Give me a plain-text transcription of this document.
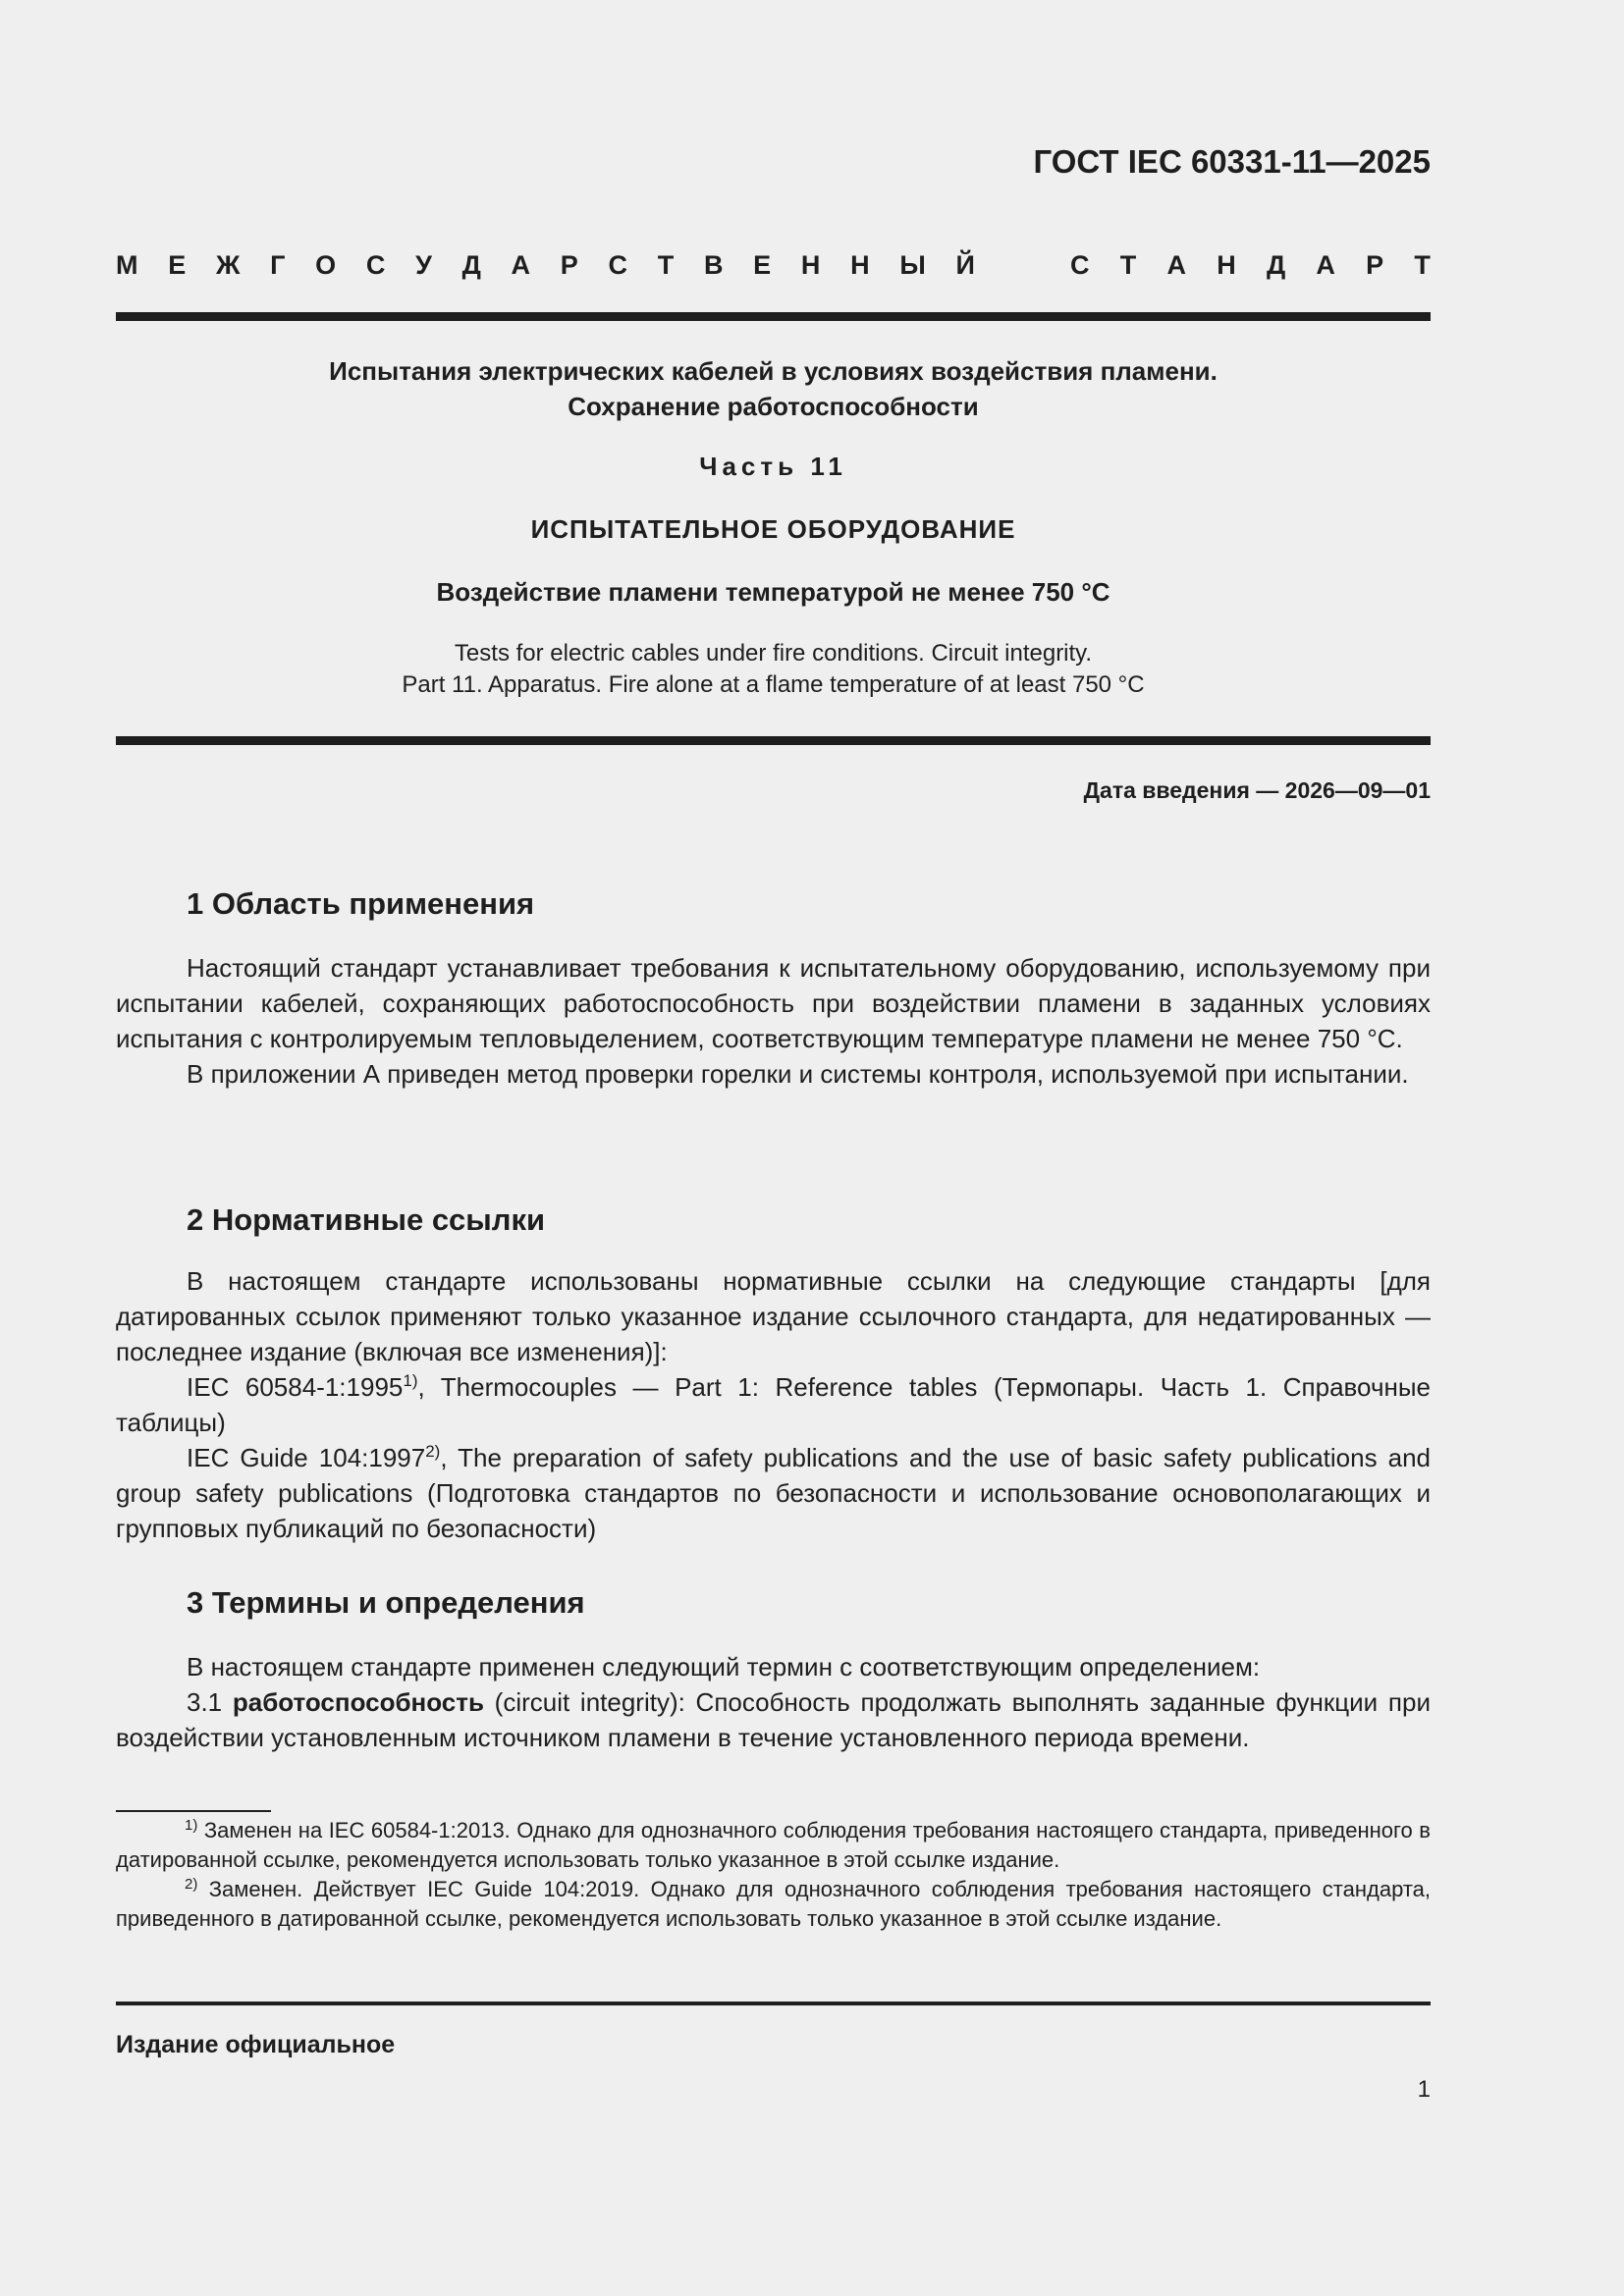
ГОСТ IEC 60331-11—2025
М Е Ж Г О С У Д А Р С Т В Е Н Н Ы Й	С Т А Н Д А Р Т
Испытания электрических кабелей в условиях воздействия пламени.
Сохранение работоспособности
Часть 11
ИСПЫТАТЕЛЬНОЕ ОБОРУДОВАНИЕ
Воздействие пламени температурой не менее 750 °С
Tests for electric cables under fire conditions. Circuit integrity.
Part 11. Apparatus. Fire alone at a flame temperature of at least 750 °C
Дата введения — 2026—09—01
1 Область применения

Настоящий стандарт устанавливает требования к испытательному оборудованию, используемому при испытании кабелей, сохраняющих работоспособность при воздействии пламени в заданных условиях испытания с контролируемым тепловыделением, соответствующим температуре пламени не менее 750 °С.

В приложении А приведен метод проверки горелки и системы контроля, используемой при испытании.

2 Нормативные ссылки

В настоящем стандарте использованы нормативные ссылки на следующие стандарты [для датированных ссылок применяют только указанное издание ссылочного стандарта, для недатированных — последнее издание (включая все изменения)]:

IEC 60584-1:1995$^{1)}$, Thermocouples — Part 1: Reference tables (Термопары. Часть 1. Справочные таблицы)

IEC Guide 104:1997$^{2)}$, The preparation of safety publications and the use of basic safety publications and group safety publications (Подготовка стандартов по безопасности и использование основополагающих и групповых публикаций по безопасности)

3 Термины и определения

В настоящем стандарте применен следующий термин с соответствующим определением:

3.1 работоспособность (circuit integrity): Способность продолжать выполнять заданные функции при воздействии установленным источником пламени в течение установленного периода времени.

$^{1)}$ Заменен на IEC 60584-1:2013. Однако для однозначного соблюдения требования настоящего стандарта, приведенного в датированной ссылке, рекомендуется использовать только указанное в этой ссылке издание.

$^{2)}$ Заменен. Действует IEC Guide 104:2019. Однако для однозначного соблюдения требования настоящего стандарта, приведенного в датированной ссылке, рекомендуется использовать только указанное в этой ссылке издание.

Издание официальное
1
